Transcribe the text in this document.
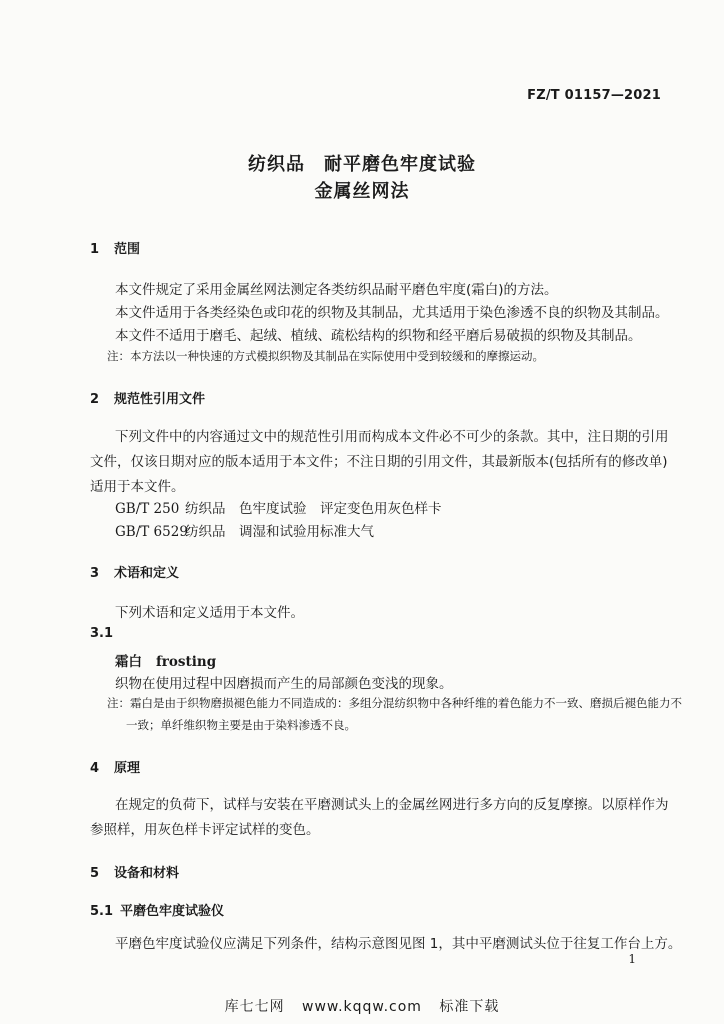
FZ/T 01157—2021
纺织品　耐平磨色牢度试验
金属丝网法
1 范围
本文件规定了采用金属丝网法测定各类纺织品耐平磨色牢度(霜白)的方法。
本文件适用于各类经染色或印花的织物及其制品，尤其适用于染色渗透不良的织物及其制品。
本文件不适用于磨毛、起绒、植绒、疏松结构的织物和经平磨后易破损的织物及其制品。
注：本方法以一种快速的方式模拟织物及其制品在实际使用中受到较缓和的摩擦运动。
2 规范性引用文件
下列文件中的内容通过文中的规范性引用而构成本文件必不可少的条款。其中，注日期的引用文件，仅该日期对应的版本适用于本文件；不注日期的引用文件，其最新版本(包括所有的修改单)适用于本文件。
GB/T 250 纺织品　色牢度试验　评定变色用灰色样卡
GB/T 6529纺织品　调湿和试验用标准大气
3 术语和定义
下列术语和定义适用于本文件。
3.1
霜白 frosting
织物在使用过程中因磨损而产生的局部颜色变浅的现象。
注：霜白是由于织物磨损褪色能力不同造成的：多组分混纺织物中各种纤维的着色能力不一致、磨损后褪色能力不一致；单纤维织物主要是由于染料渗透不良。
4 原理
在规定的负荷下，试样与安装在平磨测试头上的金属丝网进行多方向的反复摩擦。以原样作为参照样，用灰色样卡评定试样的变色。
5 设备和材料
5.1 平磨色牢度试验仪
平磨色牢度试验仪应满足下列条件，结构示意图见图 1，其中平磨测试头位于往复工作台上方。
1
库七七网 www.kqqw.com 标准下载
